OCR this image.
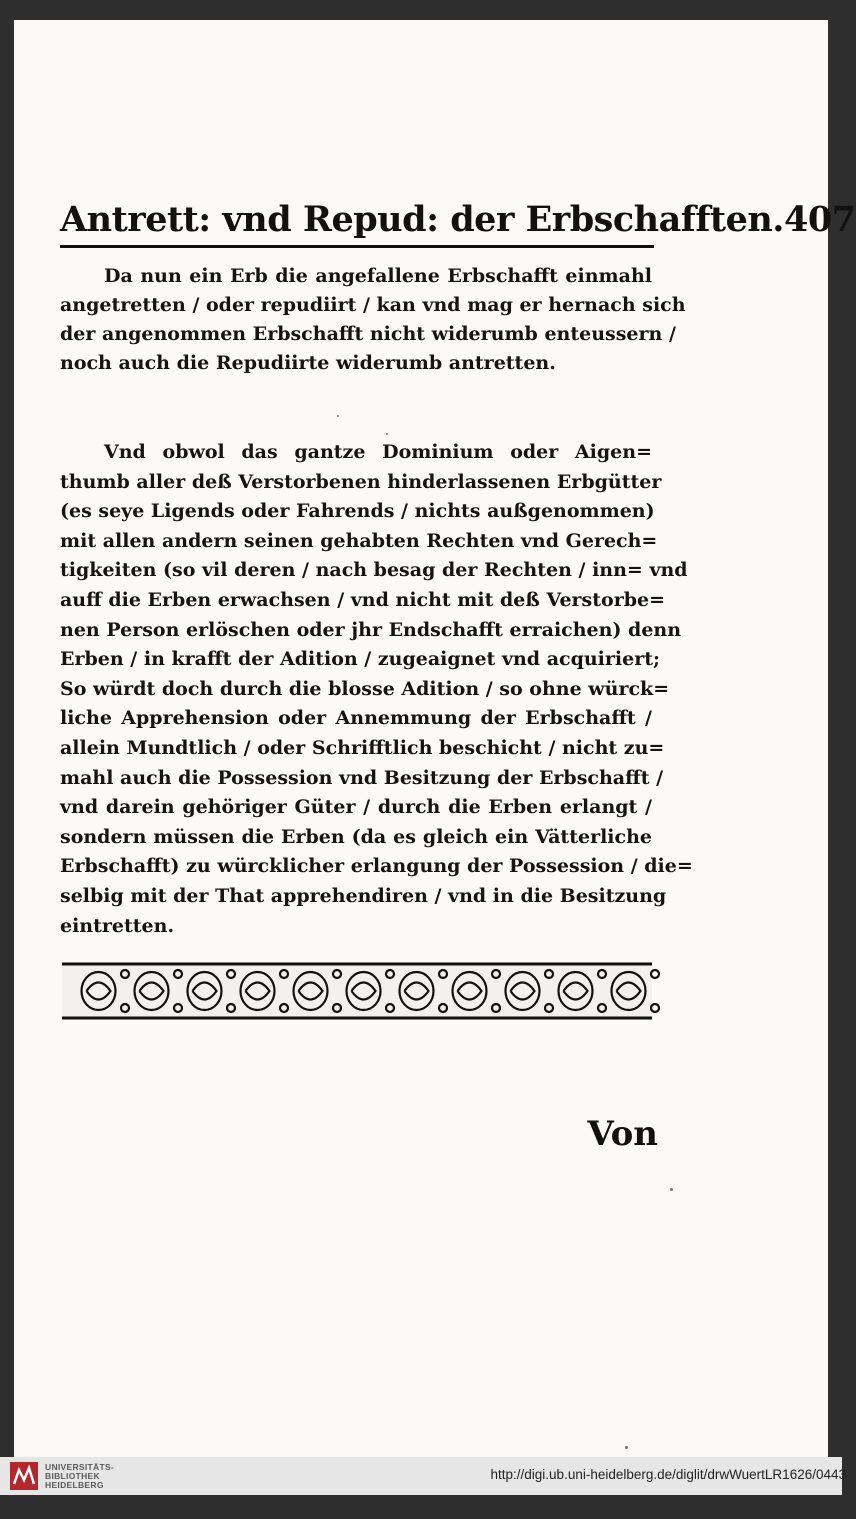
Antrett: vnd Repud: der Erbschafften. 407
Da nun ein Erb die angefallene Erbschafft einmahl
angetretten / oder repudiirt / kan vnd mag er hernach sich
der angenommen Erbschafft nicht widerumb enteussern /
noch auch die Repudiirte widerumb antretten.
Vnd obwol das gantze Dominium oder Aigen=
thumb aller deß Verstorbenen hinderlassenen Erbgütter
(es seye Ligends oder Fahrends / nichts außgenommen)
mit allen andern seinen gehabten Rechten vnd Gerech=
tigkeiten (so vil deren / nach besag der Rechten / inn= vnd
auff die Erben erwachsen / vnd nicht mit deß Verstorbe=
nen Person erlöschen oder jhr Endschafft erraichen) denn
Erben / in krafft der Adition / zugeaignet vnd acquiriert;
So würdt doch durch die blosse Adition / so ohne würck=
liche Apprehension oder Annemmung der Erbschafft /
allein Mundtlich / oder Schrifftlich beschicht / nicht zu=
mahl auch die Possession vnd Besitzung der Erbschafft /
vnd darein gehöriger Güter / durch die Erben erlangt /
sondern müssen die Erben (da es gleich ein Vätterliche
Erbschafft) zu würcklicher erlangung der Possession / die=
selbig mit der That apprehendiren / vnd in die Besitzung
eintretten.
Von
UNIVERSITÄTS-
BIBLIOTHEK
HEIDELBERG
http://digi.ub.uni-heidelberg.de/diglit/drwWuertLR1626/0443
